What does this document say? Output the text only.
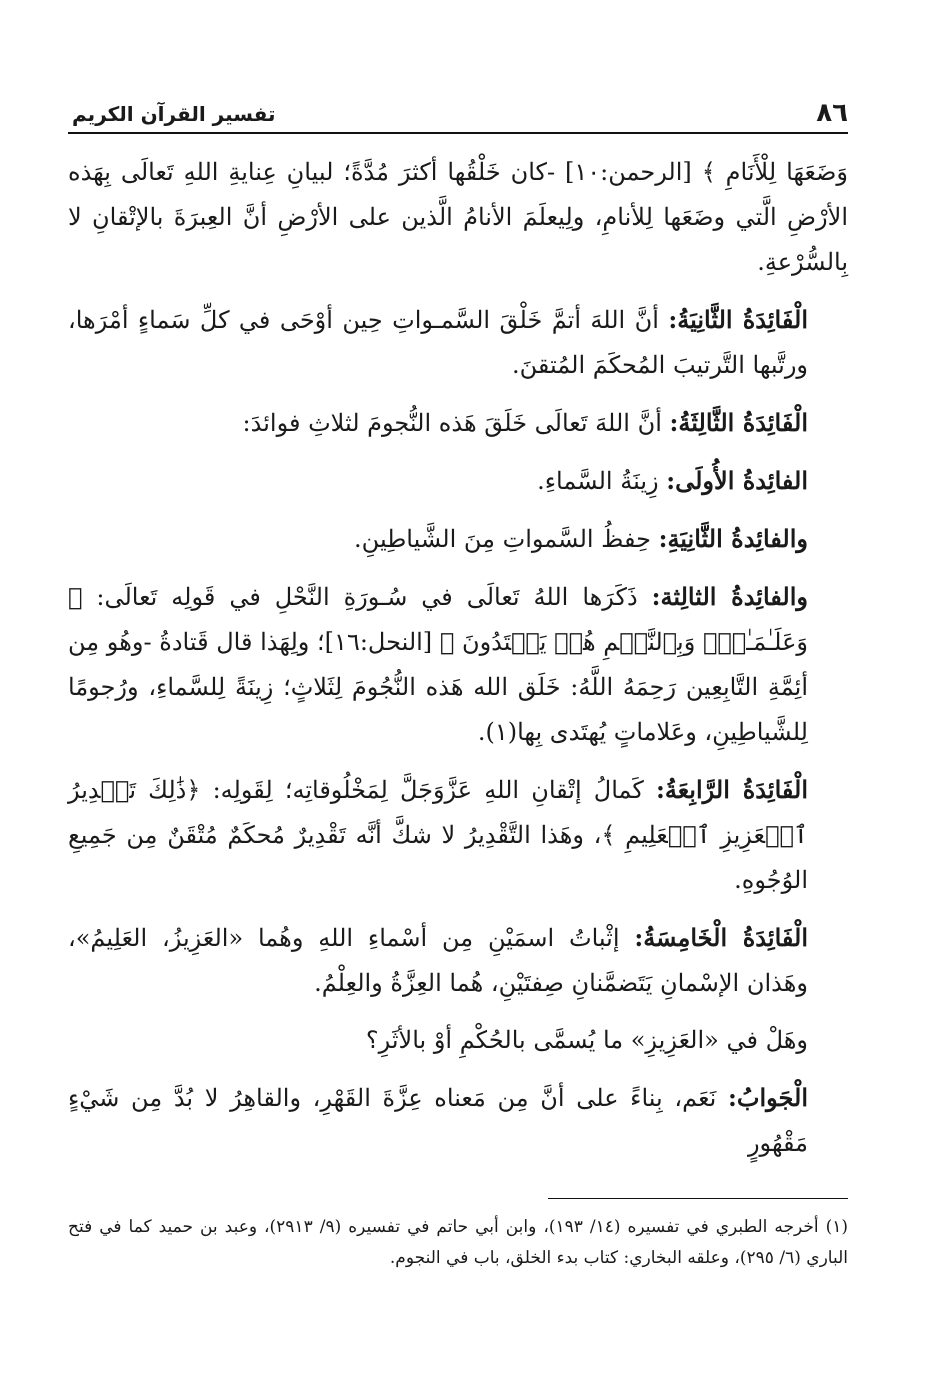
٨٦
تفسير القرآن الكريم

وَضَعَهَا لِلْأَنَامِ ﴾ [الرحمن:١٠] -كان خَلْقُها أكثرَ مُدَّةً؛ لبيانِ عِنايةِ اللهِ تَعالَى بِهَذه الأرْضِ الَّتي وضَعَها لِلأنامِ، ولِيعلَمَ الأنامُ الَّذين على الأرْضِ أنَّ العِبرَةَ بالإتْقانِ لا بِالسُّرْعةِ.

الْفَائِدَةُ الثَّانِيَةُ: أنَّ اللهَ أتمَّ خَلْقَ السَّمـواتِ حِين أوْحَى في كلِّ سَماءٍ أمْرَها، ورتَّبها التَّرتيبَ المُحكَمَ المُتقنَ.

الْفَائِدَةُ الثَّالِثَةُ: أنَّ اللهَ تَعالَى خَلَقَ هَذه النُّجومَ لثلاثِ فوائدَ:

الفائِدةُ الأُولَى: زِينَةُ السَّماءِ.

والفائِدةُ الثَّانِيَةِ: حِفظُ السَّمواتِ مِنَ الشَّياطِينِ.

والفائِدةُ الثالِثة: ذَكَرَها اللهُ تَعالَى في سُـورَةِ النَّحْلِ في قَولِه تَعالَى: ﴿ وَعَلَـٰمَـٰتٍۚ وَبِٱلنَّجۡمِ هُمۡ يَهۡتَدُونَ ﴾ [النحل:١٦]؛ ولِهَذا قال قَتادةُ -وهُو مِن أئِمَّةِ التَّابِعِين رَحِمَهُ اللَّهُ: خَلَق الله هَذه النُّجُومَ لِثَلاثٍ؛ زِينَةً لِلسَّماءِ، ورُجومًا لِلشَّياطِينِ، وعَلاماتٍ يُهتَدى بِها(١).

الْفَائِدَةُ الرَّابِعَةُ: كَمالُ إتْقانِ اللهِ عَزَّوَجَلَّ لِمَخْلُوقاتِه؛ لِقَولِه: ﴿ذَٰلِكَ تَقۡدِيرُ ٱلۡعَزِيزِ ٱلۡعَلِيمِ ﴾، وهَذا التَّقْدِيرُ لا شكَّ أنَّه تَقْدِيرٌ مُحكَمٌ مُتْقَنٌ مِن جَمِيعِ الوُجُوهِ.

الْفَائِدَةُ الْخَامِسَةُ: إثْباتُ اسمَيْنِ مِن أسْماءِ اللهِ وهُما «العَزِيزُ، العَلِيمُ»، وهَذان الإسْمانِ يَتَضمَّنانِ صِفتَيْنِ، هُما العِزَّةُ والعِلْمُ.

وهَلْ في «العَزِيزِ» ما يُسمَّى بالحُكْمِ أوْ بالأثَرِ؟

الْجَوابُ: نَعَم، بِناءً على أنَّ مِن مَعناه عِزَّةَ القَهْرِ، والقاهِرُ لا بُدَّ مِن شَيْءٍ مَقْهُورٍ

(١) أخرجه الطبري في تفسيره (١٤/ ١٩٣)، وابن أبي حاتم في تفسيره (٩/ ٢٩١٣)، وعبد بن حميد كما في فتح الباري (٦/ ٢٩٥)، وعلقه البخاري: كتاب بدء الخلق، باب في النجوم.
